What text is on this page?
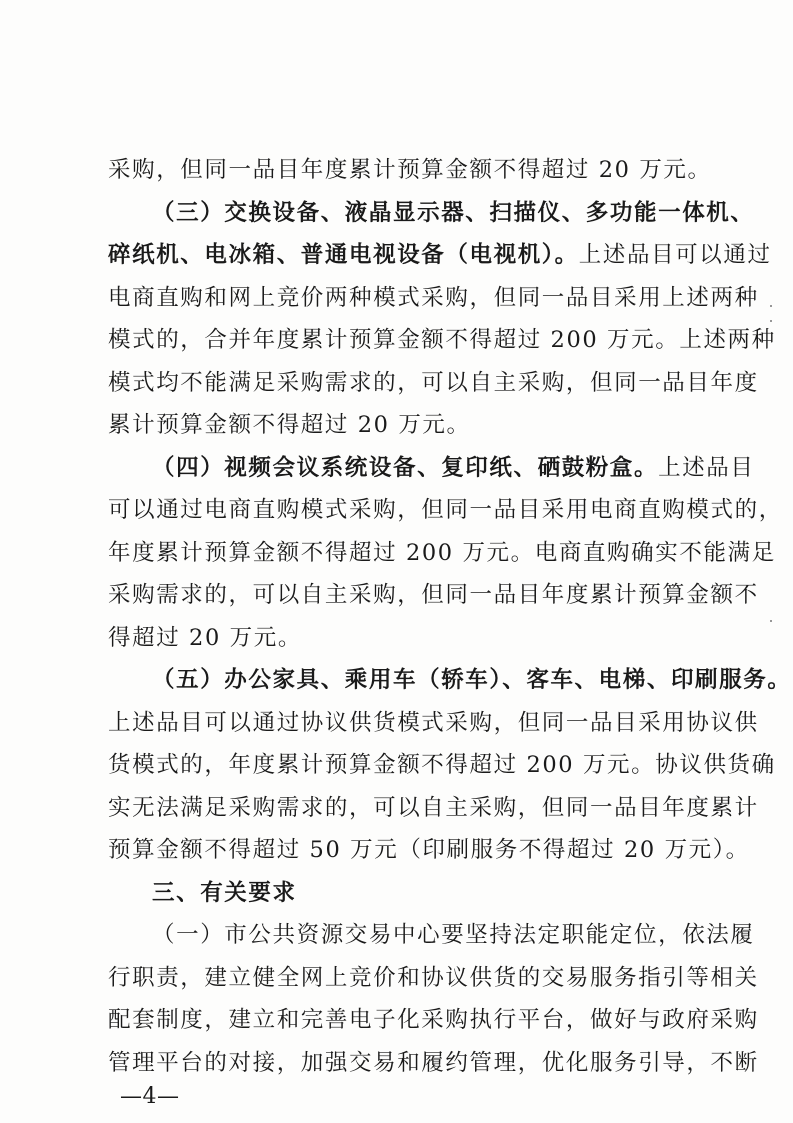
采购，但同一品目年度累计预算金额不得超过 20 万元。
（三）交换设备、液晶显示器、扫描仪、多功能一体机、
碎纸机、电冰箱、普通电视设备（电视机）。上述品目可以通过
电商直购和网上竞价两种模式采购，但同一品目采用上述两种
模式的，合并年度累计预算金额不得超过 200 万元。上述两种
模式均不能满足采购需求的，可以自主采购，但同一品目年度
累计预算金额不得超过 20 万元。
（四）视频会议系统设备、复印纸、硒鼓粉盒。上述品目
可以通过电商直购模式采购，但同一品目采用电商直购模式的，
年度累计预算金额不得超过 200 万元。电商直购确实不能满足
采购需求的，可以自主采购，但同一品目年度累计预算金额不
得超过 20 万元。
（五）办公家具、乘用车（轿车）、客车、电梯、印刷服务。
上述品目可以通过协议供货模式采购，但同一品目采用协议供
货模式的，年度累计预算金额不得超过 200 万元。协议供货确
实无法满足采购需求的，可以自主采购，但同一品目年度累计
预算金额不得超过 50 万元（印刷服务不得超过 20 万元）。
三、有关要求
（一）市公共资源交易中心要坚持法定职能定位，依法履
行职责，建立健全网上竞价和协议供货的交易服务指引等相关
配套制度，建立和完善电子化采购执行平台，做好与政府采购
管理平台的对接，加强交易和履约管理，优化服务引导，不断
—4—
